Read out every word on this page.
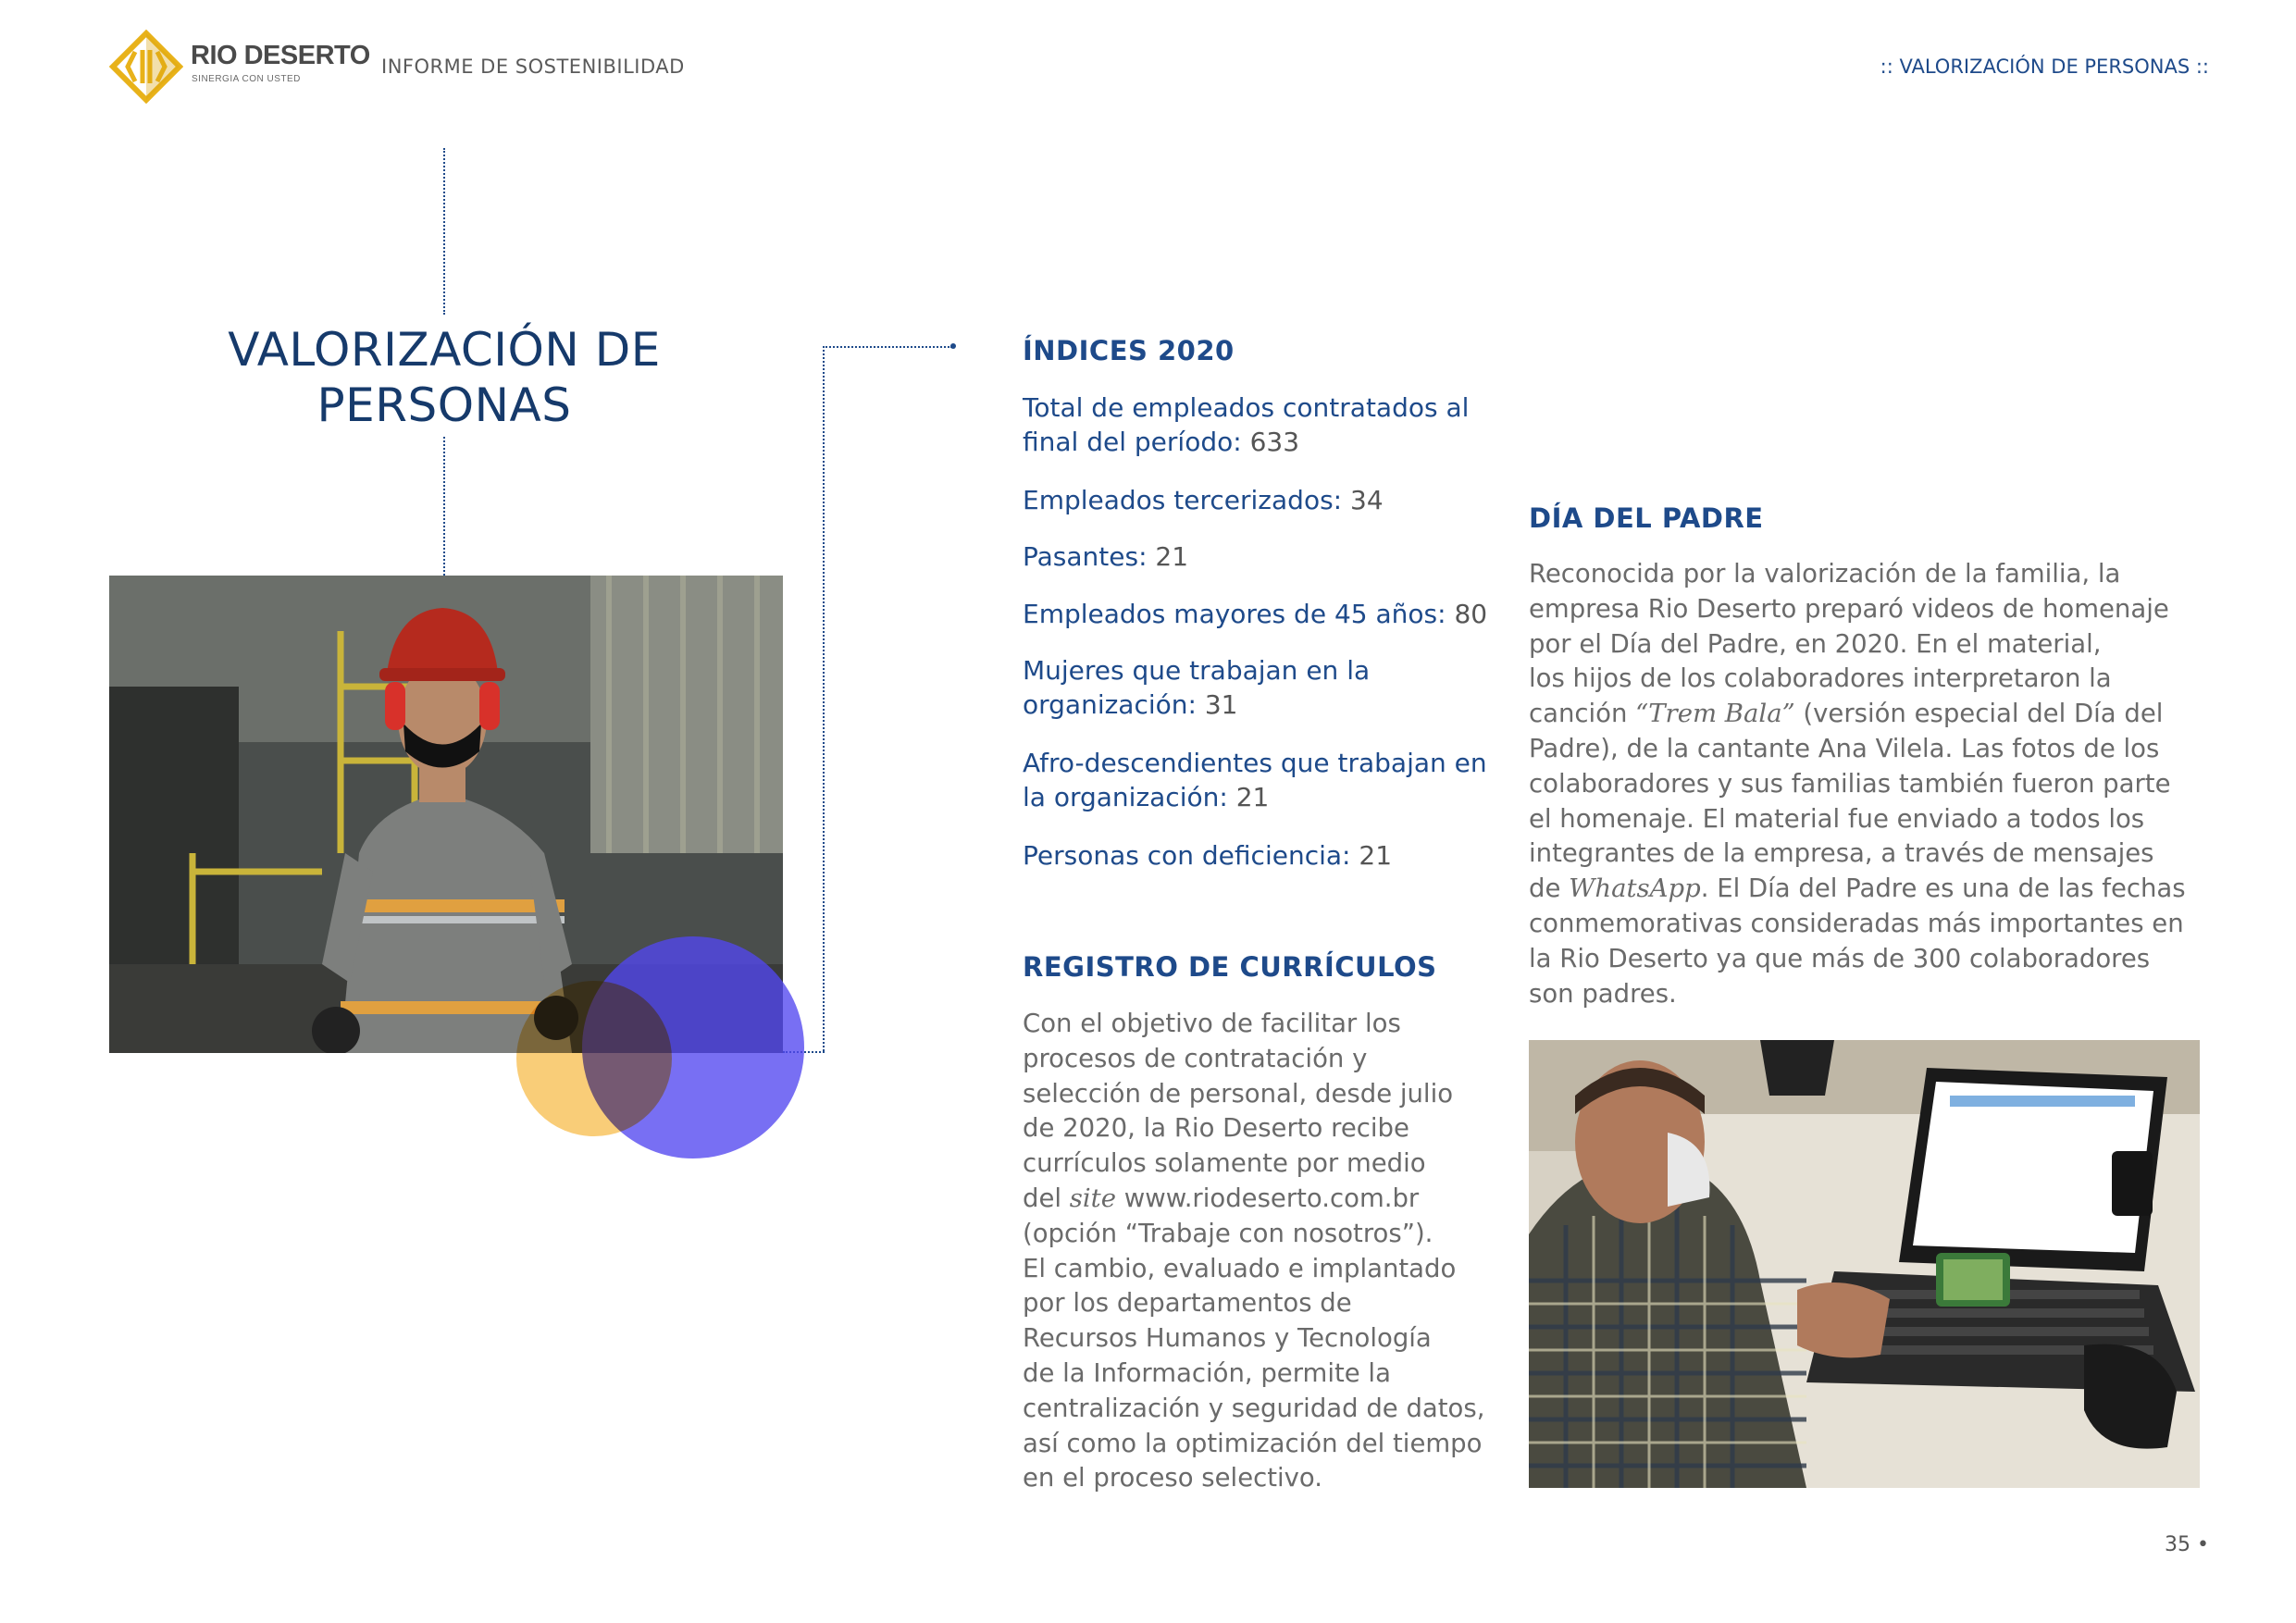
RIO DESERTO
SINERGIA CON USTED
INFORME DE SOSTENIBILIDAD	:: VALORIZACIÓN DE PERSONAS ::
VALORIZACIÓN DE
PERSONAS
ÍNDICES 2020
Total de empleados contratados al
final del período: 633
Empleados tercerizados: 34
Pasantes: 21
Empleados mayores de 45 años: 80
Mujeres que trabajan en la
organización: 31
Afro-descendientes que trabajan en
la organización: 21
Personas con deficiencia: 21
REGISTRO DE CURRÍCULOS
Con el objetivo de facilitar los
procesos de contratación y
selección de personal, desde julio
de 2020, la Rio Deserto recibe
currículos solamente por medio
del site www.riodeserto.com.br
(opción “Trabaje con nosotros”).
El cambio, evaluado e implantado
por los departamentos de
Recursos Humanos y Tecnología
de la Información, permite la
centralización y seguridad de datos,
así como la optimización del tiempo
en el proceso selectivo.
DÍA DEL PADRE
Reconocida por la valorización de la familia, la
empresa Rio Deserto preparó videos de homenaje
por el Día del Padre, en 2020. En el material,
los hijos de los colaboradores interpretaron la
canción “Trem Bala” (versión especial del Día del
Padre), de la cantante Ana Vilela. Las fotos de los
colaboradores y sus familias también fueron parte
el homenaje. El material fue enviado a todos los
integrantes de la empresa, a través de mensajes
de WhatsApp. El Día del Padre es una de las fechas
conmemorativas consideradas más importantes en
la Rio Deserto ya que más de 300 colaboradores
son padres.
35 •
